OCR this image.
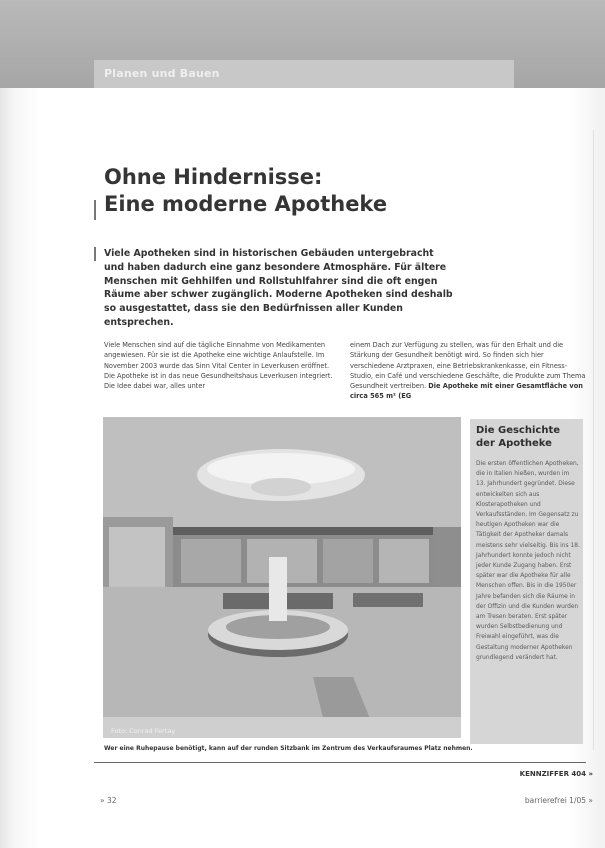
Planen und Bauen
Ohne Hindernisse:
Eine moderne Apotheke

Viele Apotheken sind in historischen Gebäuden untergebracht und haben dadurch eine ganz besondere Atmosphäre. Für ältere Menschen mit Gehhilfen und Rollstuhlfahrer sind die oft engen Räume aber schwer zugänglich. Moderne Apotheken sind deshalb so ausgestattet, dass sie den Bedürfnissen aller Kunden entsprechen.

Viele Menschen sind auf die tägliche Einnahme von Medikamenten angewiesen. Für sie ist die Apotheke eine wichtige Anlaufstelle. Im November 2003 wurde das Sinn Vital Center in Leverkusen eröffnet. Die Apotheke ist in das neue Gesundheitshaus Leverkusen integriert. Die Idee dabei war, alles unter

einem Dach zur Verfügung zu stellen, was für den Erhalt und die Stärkung der Gesundheit benötigt wird. So finden sich hier verschiedene Arztpraxen, eine Betriebskrankenkasse, ein Fitness-Studio, ein Café und verschiedene Geschäfte, die Produkte zum Thema Gesundheit vertreiben. Die Apotheke mit einer Gesamtfläche von circa 565 m² (EG

Foto: Conrad Fertay

Wer eine Ruhepause benötigt, kann auf der runden Sitzbank im Zentrum des Verkaufsraumes Platz nehmen.

Die Geschichte
der Apotheke

Die ersten öffentlichen Apotheken, die in Italien hießen, wurden im 13. Jahrhundert gegründet. Diese entwickelten sich aus Klosterapotheken und Verkaufsständen. Im Gegensatz zu heutigen Apotheken war die Tätigkeit der Apotheker damals meistens sehr vielseitig. Bis ins 18. Jahrhundert konnte jedoch nicht jeder Kunde Zugang haben. Erst später war die Apotheke für alle Menschen offen. Bis in die 1950er Jahre befanden sich die Räume in der Offizin und die Kunden wurden am Tresen beraten. Erst später wurden Selbstbedienung und Freiwahl eingeführt, was die Gestaltung moderner Apotheken grundlegend verändert hat.

KENNZIFFER 404 »
» 32	barrierefrei 1/05 »
